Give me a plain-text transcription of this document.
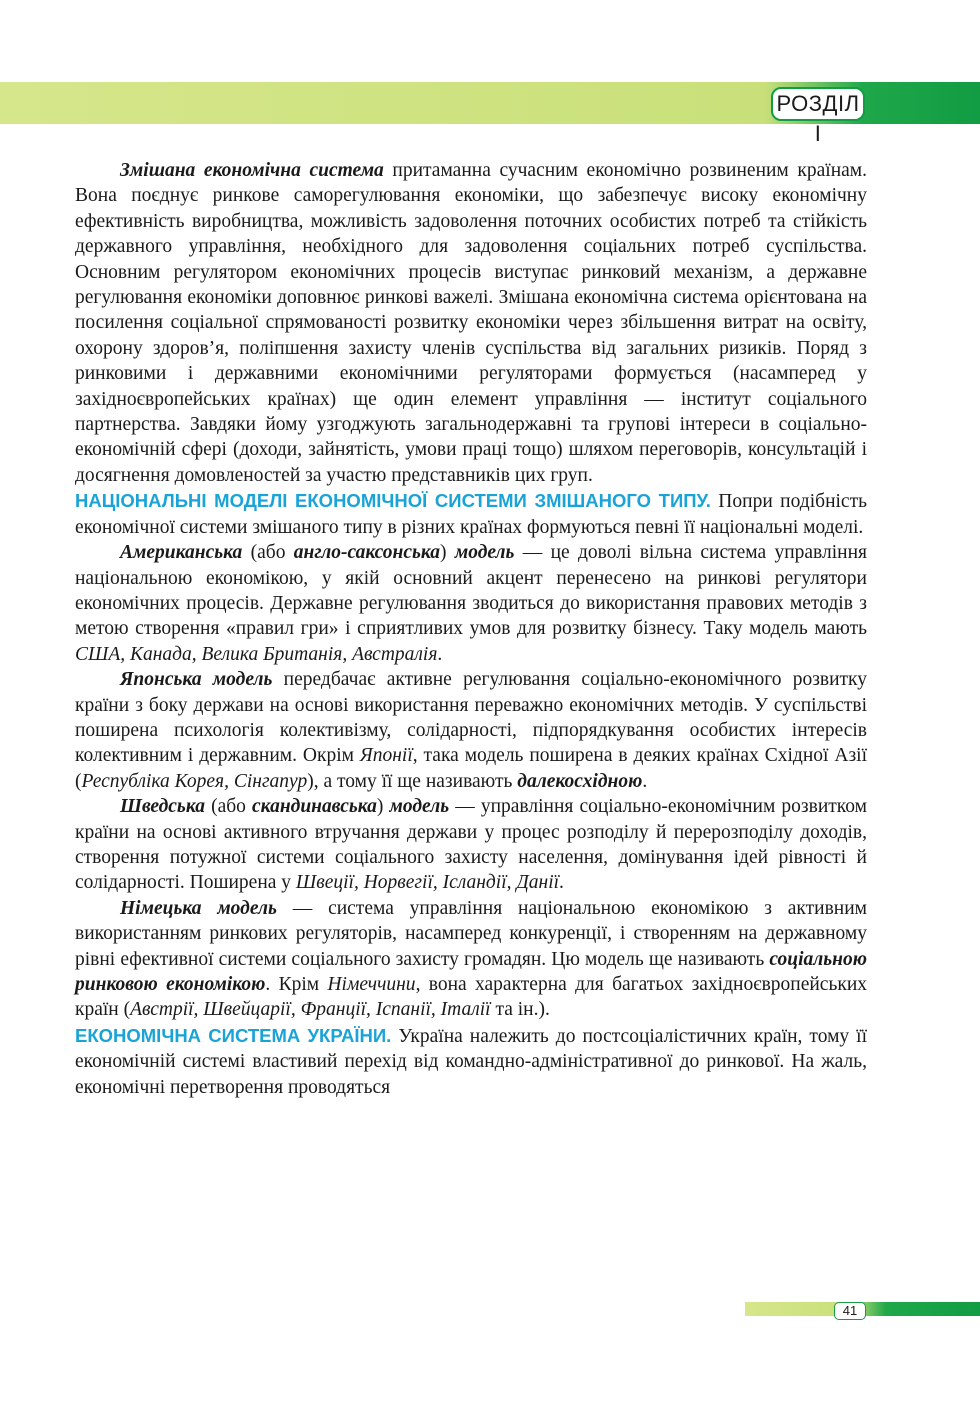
РОЗДІЛ І

Змішана економічна система притаманна сучасним економічно розвиненим країнам. Вона поєднує ринкове саморегулювання економіки, що забезпечує високу економічну ефективність виробництва, можливість задоволення поточних особистих потреб та стійкість державного управління, необхідного для задоволення соціальних потреб суспільства. Основним регулятором економічних процесів виступає ринковий механізм, а державне регулювання економіки доповнює ринкові важелі. Змішана економічна система орієнтована на посилення соціальної спрямованості розвитку економіки через збільшення витрат на освіту, охорону здоров’я, поліпшення захисту членів суспільства від загальних ризиків. Поряд з ринковими і державними економічними регуляторами формується (насамперед у західноєвропейських країнах) ще один елемент управління — інститут соціального партнерства. Завдяки йому узгоджують загальнодержавні та групові інтереси в соціально-економічній сфері (доходи, зайнятість, умови праці тощо) шляхом переговорів, консультацій і досягнення домовленостей за участю представників цих груп.

НАЦІОНАЛЬНІ МОДЕЛІ ЕКОНОМІЧНОЇ СИСТЕМИ ЗМІШАНОГО ТИПУ. Попри подібність економічної системи змішаного типу в різних країнах формуються певні її національні моделі.

Американська (або англо-саксонська) модель — це доволі вільна система управління національною економікою, у якій основний акцент перенесено на ринкові регулятори економічних процесів. Державне регулювання зводиться до використання правових методів з метою створення «правил гри» і сприятливих умов для розвитку бізнесу. Таку модель мають США, Канада, Велика Британія, Австралія.

Японська модель передбачає активне регулювання соціально-економічного розвитку країни з боку держави на основі використання переважно економічних методів. У суспільстві поширена психологія колективізму, солідарності, підпорядкування особистих інтересів колективним і державним. Окрім Японії, така модель поширена в деяких країнах Східної Азії (Республіка Корея, Сінгапур), а тому її ще називають далекосхідною.

Шведська (або скандинавська) модель — управління соціально-економічним розвитком країни на основі активного втручання держави у процес розподілу й перерозподілу доходів, створення потужної системи соціального захисту населення, домінування ідей рівності й солідарності. Поширена у Швеції, Норвегії, Ісландії, Данії.

Німецька модель — система управління національною економікою з активним використанням ринкових регуляторів, насамперед конкуренції, і створенням на державному рівні ефективної системи соціального захисту громадян. Цю модель ще називають соціальною ринковою економікою. Крім Німеччини, вона характерна для багатьох західноєвропейських країн (Австрії, Швейцарії, Франції, Іспанії, Італії та ін.).

ЕКОНОМІЧНА СИСТЕМА УКРАЇНИ. Україна належить до постсоціалістичних країн, тому її економічній системі властивий перехід від командно-адміністративної до ринкової. На жаль, економічні перетворення проводяться

41
